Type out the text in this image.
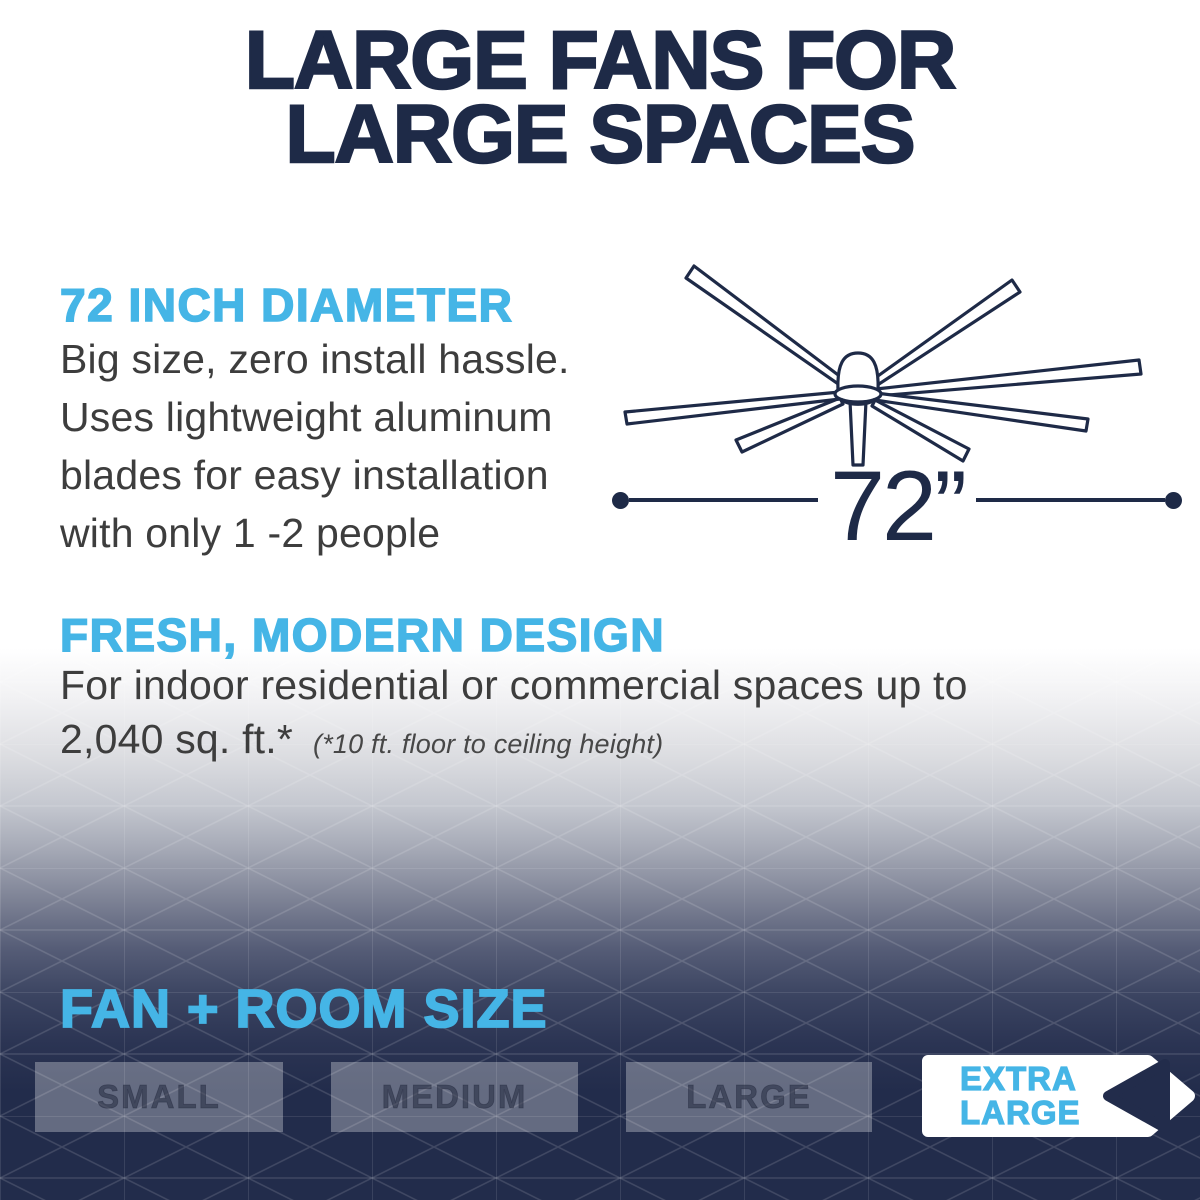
LARGE FANS FOR
LARGE SPACES
72 INCH DIAMETER
Big size, zero install hassle.
Uses lightweight aluminum
blades for easy installation
with only 1 -2 people	72”
FRESH, MODERN DESIGN
For indoor residential or commercial spaces up to
2,040 sq. ft.* (*10 ft. floor to ceiling height)
FAN + ROOM SIZE
SMALL	MEDIUM	LARGE	EXTRA
LARGE
